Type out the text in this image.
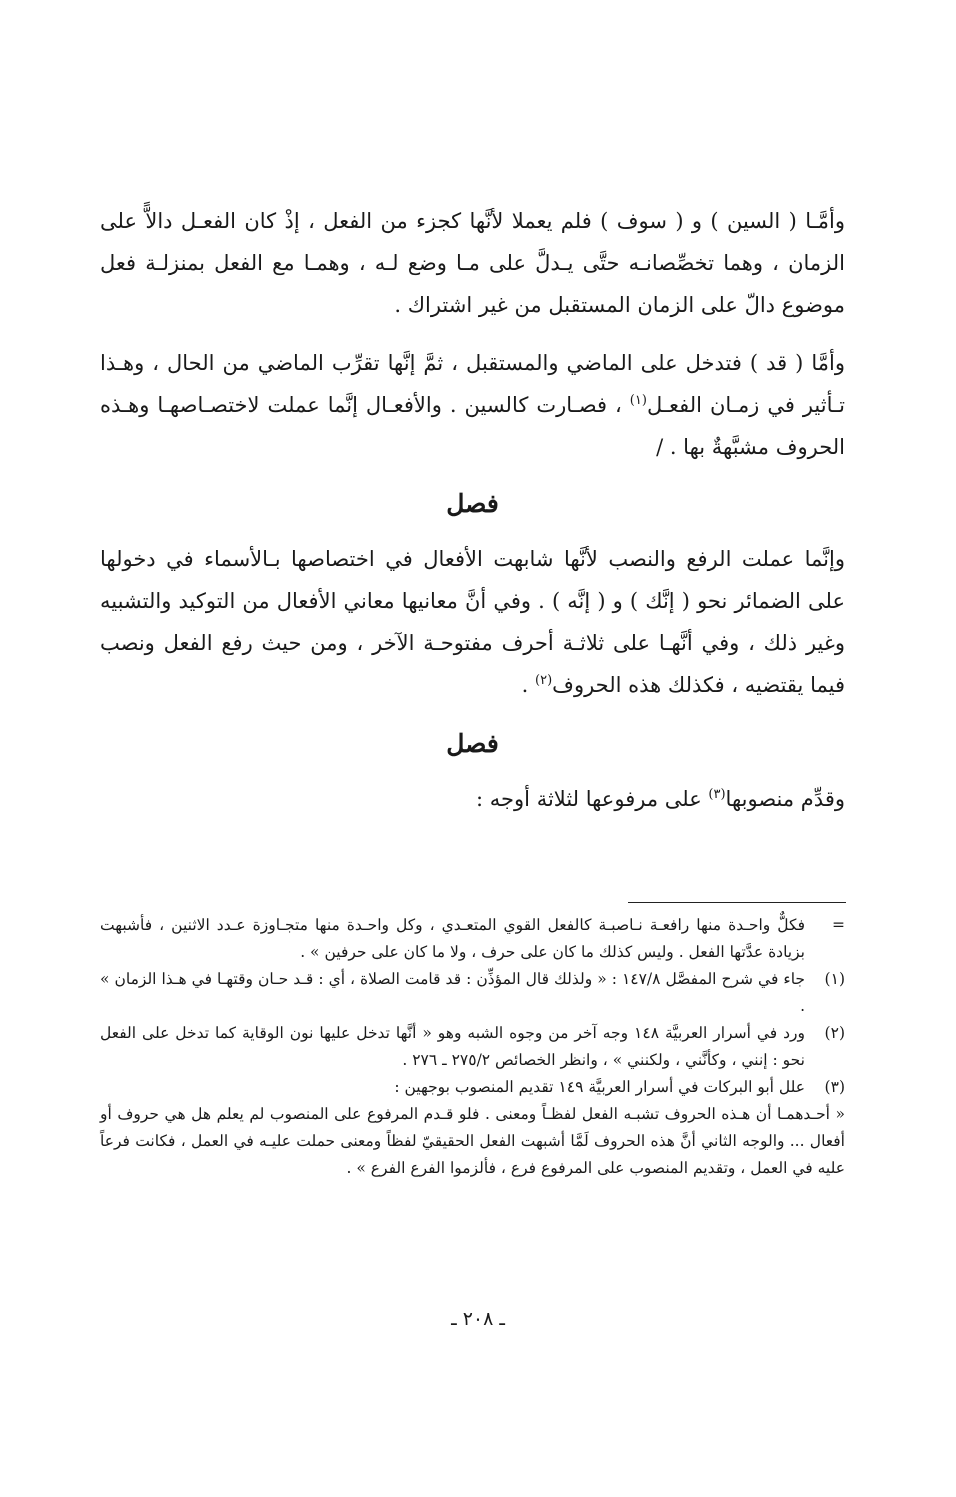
وأمَّـا ( السين ) و ( سوف ) فلم يعملا لأنَّها كجزء من الفعل ، إذْ كان الفعـل دالاًّ على الزمان ، وهما تخصِّصانـه حتَّى يـدلَّ على مـا وضع لـه ، وهمـا مع الفعل بمنزلـة فعل موضوع دالّ على الزمان المستقبل من غير اشتراك .

وأمَّا ( قد ) فتدخل على الماضي والمستقبل ، ثمَّ إنَّها تقرِّب الماضي من الحال ، وهـذا تـأثير في زمـان الفعـل$^{(١)}$ ، فصـارت كالسين . والأفعـال إنَّما عملت لاختصـاصهـا وهـذه الحروف مشبَّهةٌ بها . /

فصل

وإنَّما عملت الرفع والنصب لأنَّها شابهت الأفعال في اختصاصها بـالأسماء في دخولها على الضمائر نحو ( إنَّك ) و ( إنَّه ) . وفي أنَّ معانيها معاني الأفعال من التوكيد والتشبيه وغير ذلك ، وفي أنَّهـا على ثلاثـة أحرف مفتوحـة الآخر ، ومن حيث رفع الفعل ونصب فيما يقتضيه ، فكذلك هذه الحروف$^{(٢)}$ .

فصل

وقدِّم منصوبها$^{(٣)}$ على مرفوعها لثلاثة أوجه :

=
فكلٌّ واحـدة منها رافعـة نـاصبـة كالفعل القوي المتعـدي ، وكل واحـدة منها متجـاوزة عـدد الاثنين ، فأشبهت بزيادة عدَّتها الفعل . وليس كذلك ما كان على حرف ، ولا ما كان على حرفين » .
(١)
جاء في شرح المفصَّل ١٤٧/٨ : « ولذلك قال المؤذِّن : قد قامت الصلاة ، أي : قـد حـان وقتهـا في هـذا الزمان » .
(٢)
ورد في أسرار العربيَّة ١٤٨ وجه آخر من وجوه الشبه وهو « أنَّها تدخل عليها نون الوقاية كما تدخل على الفعل نحو : إنني ، وكأنَّني ، ولكنني » ، وانظر الخصائص ٢٧٥/٢ ـ ٢٧٦ .
(٣)
علل أبو البركات في أسرار العربيَّة ١٤٩ تقديم المنصوب بوجهين :
« أحـدهمـا أن هـذه الحروف تشبـه الفعل لفظـاً ومعنى . فلو قـدم المرفوع على المنصوب لم يعلم هل هي حروف أو أفعال ... والوجه الثاني أنَّ هذه الحروف لَمَّا أشبهت الفعل الحقيقيّ لفظاً ومعنى حملت عليـه في العمل ، فكانت فرعاً عليه في العمل ، وتقديم المنصوب على المرفوع فرع ، فألزموا الفرع الفرع » .
ـ ٢٠٨ ـ
